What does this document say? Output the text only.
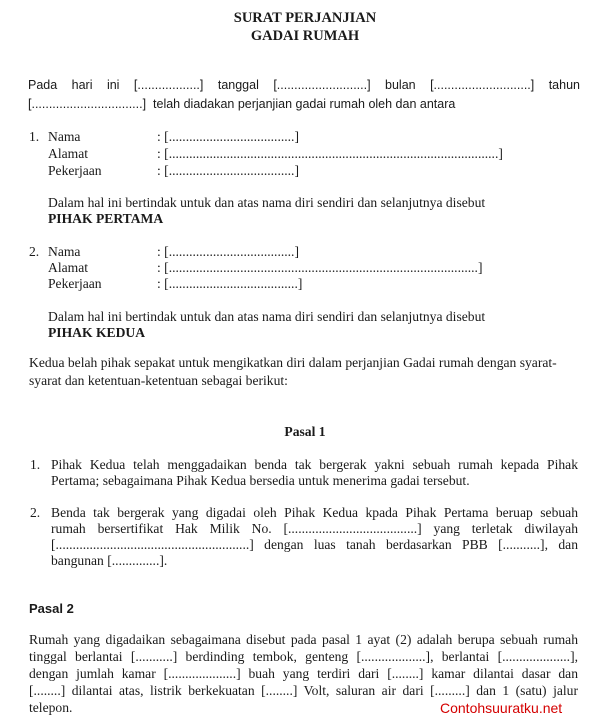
SURAT PERJANJIAN
GADAI RUMAH
Pada hari ini [..................] tanggal [..........................] bulan [............................] tahun
[................................]  telah diadakan perjanjian gadai rumah oleh dan antara
1. Nama	: [.....................................]
Alamat	: [.................................................................................................]
Pekerjaan	: [.....................................]
Dalam hal ini bertindak untuk dan atas nama diri sendiri dan selanjutnya disebut
PIHAK PERTAMA
2. Nama	: [.....................................]
Alamat	: [...........................................................................................]
Pekerjaan	: [......................................]
Dalam hal ini bertindak untuk dan atas nama diri sendiri dan selanjutnya disebut
PIHAK KEDUA
Kedua belah pihak sepakat untuk mengikatkan diri dalam perjanjian Gadai rumah dengan syarat-
syarat dan ketentuan-ketentuan sebagai berikut:
Pasal 1
1. Pihak Kedua telah menggadaikan benda tak bergerak yakni sebuah rumah kepada Pihak
Pertama; sebagaimana Pihak Kedua bersedia untuk menerima gadai tersebut.
2. Benda tak bergerak yang digadai oleh Pihak Kedua kpada Pihak Pertama beruap sebuah
rumah bersertifikat Hak Milik No. [......................................] yang terletak diwilayah
[.........................................................] dengan luas tanah berdasarkan PBB [...........], dan
bangunan [..............].
Pasal 2
Rumah yang digadaikan sebagaimana disebut pada pasal 1 ayat (2) adalah berupa sebuah rumah
tinggal berlantai [...........] berdinding tembok, genteng [...................], berlantai [....................],
dengan jumlah kamar [....................] buah yang terdiri dari [........] kamar dilantai dasar dan
[........] dilantai atas, listrik berkekuatan [........] Volt, saluran air dari [.........] dan 1 (satu) jalur
telepon.	Contohsuuratku.net
